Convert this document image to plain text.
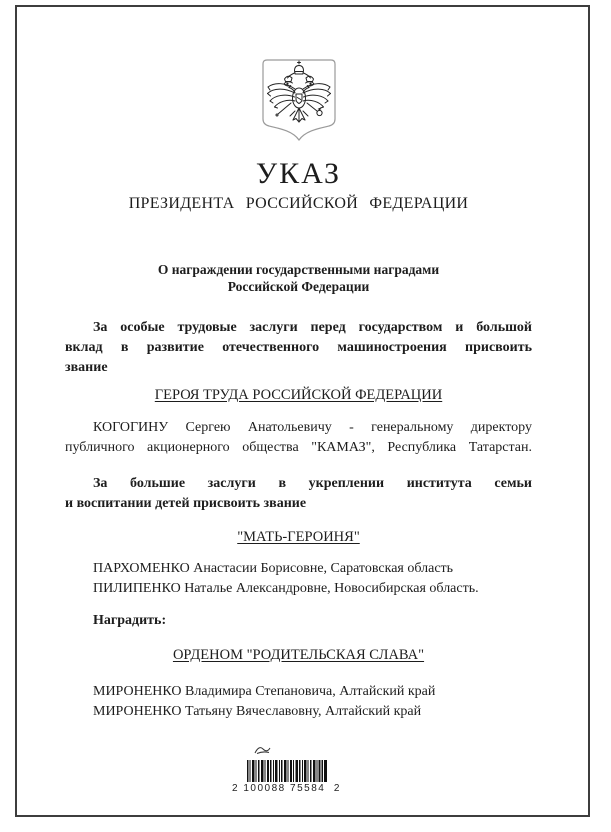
УКАЗ
ПРЕЗИДЕНТА РОССИЙСКОЙ ФЕДЕРАЦИИ
О награждении государственными наградами
Российской Федерации
За особые трудовые заслуги перед государством и большой
вклад в развитие отечественного машиностроения присвоить
звание
ГЕРОЯ ТРУДА РОССИЙСКОЙ ФЕДЕРАЦИИ
КОГОГИНУ Сергею Анатольевичу - генеральному директору
публичного акционерного общества "КАМАЗ", Республика Татарстан.
За большие заслуги в укреплении института семьи
и воспитании детей присвоить звание
"МАТЬ-ГЕРОИНЯ"
ПАРХОМЕНКО Анастасии Борисовне, Саратовская область
ПИЛИПЕНКО Наталье Александровне, Новосибирская область.
Наградить:
ОРДЕНОМ "РОДИТЕЛЬСКАЯ СЛАВА"
МИРОНЕНКО Владимира Степановича, Алтайский край
МИРОНЕНКО Татьяну Вячеславовну, Алтайский край
2 100088 75584  2
